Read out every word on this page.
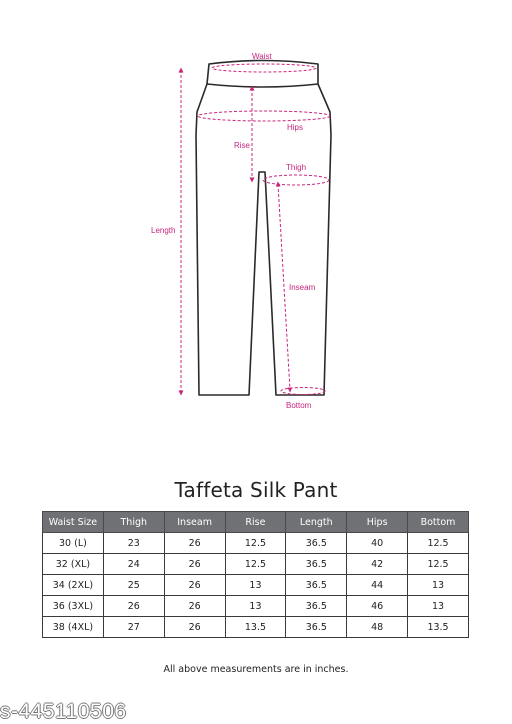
Waist
Hips
Rise
Thigh
Length
Inseam
Bottom
Taffeta Silk Pant
Waist Size	Thigh	Inseam	Rise	Length	Hips	Bottom
30 (L)	23	26	12.5	36.5	40	12.5
32 (XL)	24	26	12.5	36.5	42	12.5
34 (2XL)	25	26	13	36.5	44	13
36 (3XL)	26	26	13	36.5	46	13
38 (4XL)	27	26	13.5	36.5	48	13.5
All above measurements are in inches.
s-445110506
